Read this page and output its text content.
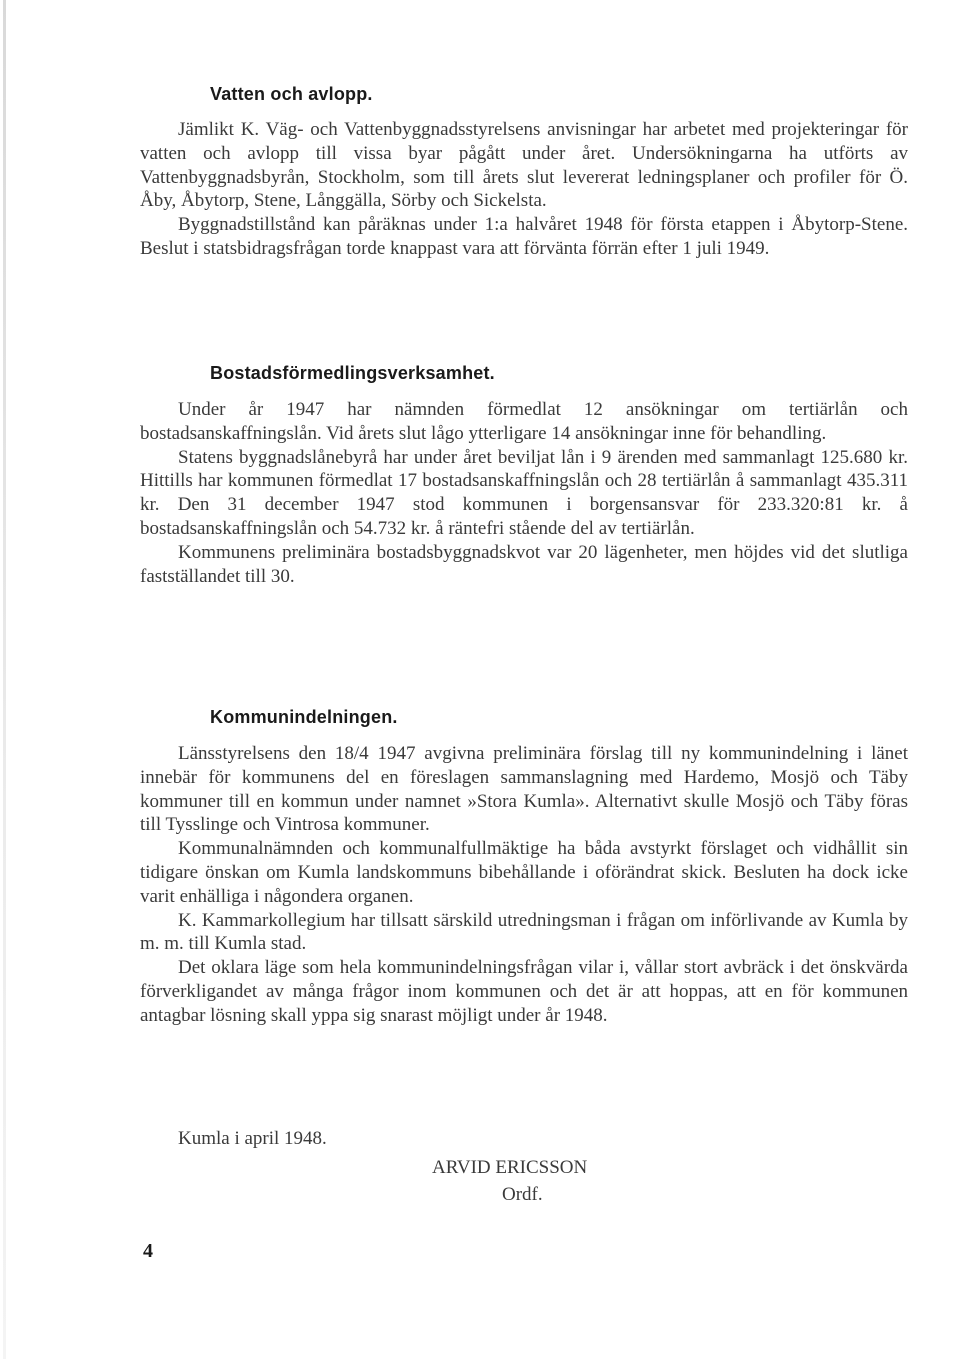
Vatten och avlopp.

Jämlikt K. Väg- och Vattenbyggnadsstyrelsens anvisningar har arbetet med projekteringar för vatten och avlopp till vissa byar pågått under året. Undersökningarna ha utförts av Vattenbyggnadsbyrån, Stockholm, som till årets slut levererat ledningsplaner och profiler för Ö. Åby, Åbytorp, Stene, Långgälla, Sörby och Sickelsta.

Byggnadstillstånd kan påräknas under 1:a halvåret 1948 för första etappen i Åbytorp-Stene. Beslut i statsbidragsfrågan torde knappast vara att förvänta förrän efter 1 juli 1949.

Bostadsförmedlingsverksamhet.

Under år 1947 har nämnden förmedlat 12 ansökningar om tertiärlån och bostadsanskaffningslån. Vid årets slut lågo ytterligare 14 ansökningar inne för behandling.

Statens byggnadslånebyrå har under året beviljat lån i 9 ärenden med sammanlagt 125.680 kr. Hittills har kommunen förmedlat 17 bostadsanskaffningslån och 28 tertiärlån å sammanlagt 435.311 kr. Den 31 december 1947 stod kommunen i borgensansvar för 233.320:81 kr. å bostadsanskaffningslån och 54.732 kr. å räntefri stående del av tertiärlån.

Kommunens preliminära bostadsbyggnadskvot var 20 lägenheter, men höjdes vid det slutliga fastställandet till 30.

Kommunindelningen.

Länsstyrelsens den 18/4 1947 avgivna preliminära förslag till ny kommunindelning i länet innebär för kommunens del en föreslagen sammanslagning med Hardemo, Mosjö och Täby kommuner till en kommun under namnet »Stora Kumla». Alternativt skulle Mosjö och Täby föras till Tysslinge och Vintrosa kommuner.

Kommunalnämnden och kommunalfullmäktige ha båda avstyrkt förslaget och vidhållit sin tidigare önskan om Kumla landskommuns bibehållande i oförändrat skick. Besluten ha dock icke varit enhälliga i någondera organen.

K. Kammarkollegium har tillsatt särskild utredningsman i frågan om införlivande av Kumla by m. m. till Kumla stad.

Det oklara läge som hela kommunindelningsfrågan vilar i, vållar stort avbräck i det önskvärda förverkligandet av många frågor inom kommunen och det är att hoppas, att en för kommunen antagbar lösning skall yppa sig snarast möjligt under år 1948.

Kumla i april 1948.

ARVID ERICSSON

Ordf.

4
